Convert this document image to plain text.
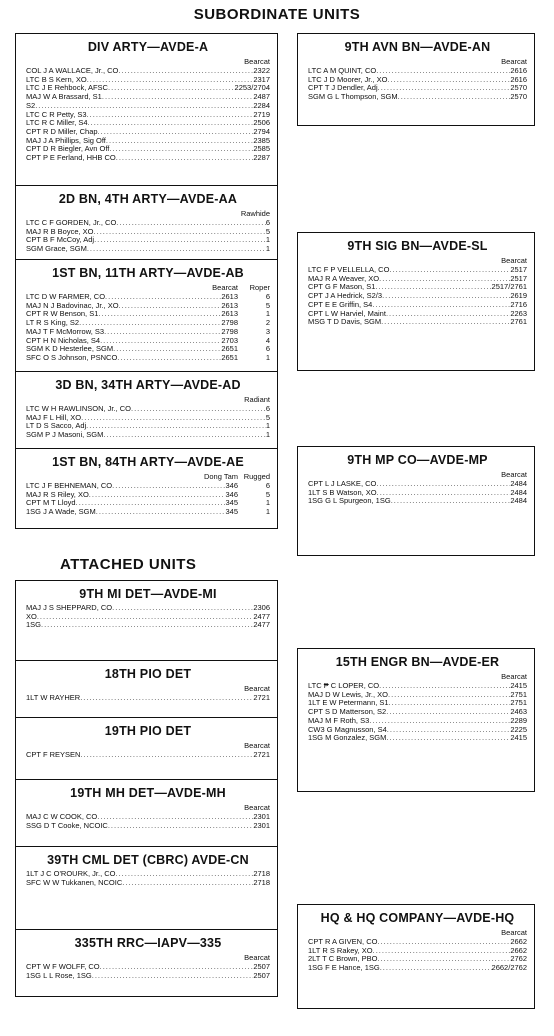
SUBORDINATE UNITS
ATTACHED UNITS
DIV ARTY—AVDE-A
Bearcat
COL J A WALLACE, Jr., CO .....	2322
LTC B S Kern, XO .....	2317
LTC J E Rehbock, AFSC .....	2253/2704
MAJ W A Brassard, S1 .....	2487
S2 .....	2284
LTC C R Petty, S3 .....	2719
LTC R C Miller, S4 .....	2506
CPT R D Miller, Chap .....	2794
MAJ J A Phillips, Sig Off .....	2385
CPT D R Biegler, Avn Off .....	2585
CPT P E Ferland, HHB CO .....	2287
2D BN, 4TH ARTY—AVDE-AA
Rawhide
LTC C F GORDEN, Jr., CO .....	6
MAJ R B Boyce, XO .....	5
CPT B F McCoy, Adj .....	1
SGM Grace, SGM .....	1
1ST BN, 11TH ARTY—AVDE-AB
Bearcat	Roper
LTC D W FARMER, CO .....	2613	6
MAJ N J Badovinac, Jr., XO .....	2613	5
CPT R W Benson, S1 .....	2613	1
LT R S King, S2 .....	2798	2
MAJ T F McMorrow, S3 .....	2798	3
CPT H N Nicholas, S4 .....	2703	4
SGM K D Hesterlee, SGM .....	2651	6
SFC O S Johnson, PSNCO .....	2651	1
3D BN, 34TH ARTY—AVDE-AD
Radiant
LTC W H RAWLINSON, Jr., CO .....	6
MAJ F L Hill, XO .....	5
LT D S Sacco, Adj .....	1
SGM P J Masoni, SGM .....	1
1ST BN, 84TH ARTY—AVDE-AE
Dong Tam Rugged
LTC J F BEHNEMAN, CO .....	346	6
MAJ R S Riley, XO .....	346	5
CPT M T Lloyd .....	345	1
1SG J A Wade, SGM .....	345	1
9TH AVN BN—AVDE-AN
Bearcat
LTC A M QUINT, CO .....	2616
LTC J D Moorer, Jr., XO .....	2616
CPT T J Dendler, Adj .....	2570
SGM G L Thompson, SGM .....	2570
9TH SIG BN—AVDE-SL
Bearcat
LTC F P VELLELLA, CO .....	2517
MAJ R A Weaver, XO .....	2517
CPT G F Mason, S1 .....	2517/2761
CPT J A Hedrick, S2/3 .....	2619
CPT E E Griffin, S4 .....	2716
CPT L W Harviel, Maint .....	2263
MSG T D Davis, SGM .....	2761
9TH MP CO—AVDE-MP
Bearcat
CPT L J LASKE, CO .....	2484
1LT S B Watson, XO .....	2484
1SG G L Spurgeon, 1SG .....	2484
9TH MI DET—AVDE-MI
MAJ J S SHEPPARD, CO .....	2306
XO .....	2477
1SG .....	2477
18TH PIO DET
Bearcat
1LT W RAYHER .....	2721
19TH PIO DET
Bearcat
CPT F REYSEN .....	2721
19TH MH DET—AVDE-MH
Bearcat
MAJ C W COOK, CO .....	2301
SSG D T Cooke, NCOIC .....	2301
39TH CML DET (CBRC) AVDE-CN
1LT J C O'ROURK, Jr., CO .....	2718
SFC W W Tukkanen, NCOIC .....	2718
335TH RRC—IAPV—335
Bearcat
CPT W F WOLFF, CO .....	2507
1SG L L Rose, 1SG .....	2507
15TH ENGR BN—AVDE-ER
Bearcat
LTC ₱ C LOPER, CO .....	2415
MAJ D W Lewis, Jr., XO .....	2751
1LT E W Petermann, S1 .....	2751
CPT S D Matterson, S2 .....	2463
MAJ M F Roth, S3 .....	2289
CW3 G Magnusson, S4 .....	2225
1SG M Gonzalez, SGM .....	2415
HQ & HQ COMPANY—AVDE-HQ
Bearcat
CPT R A GIVEN, CO .....	2662
1LT R S Rakey, XO .....	2662
2LT T C Brown, PBO .....	2762
1SG F E Hance, 1SG .....	2662/2762
